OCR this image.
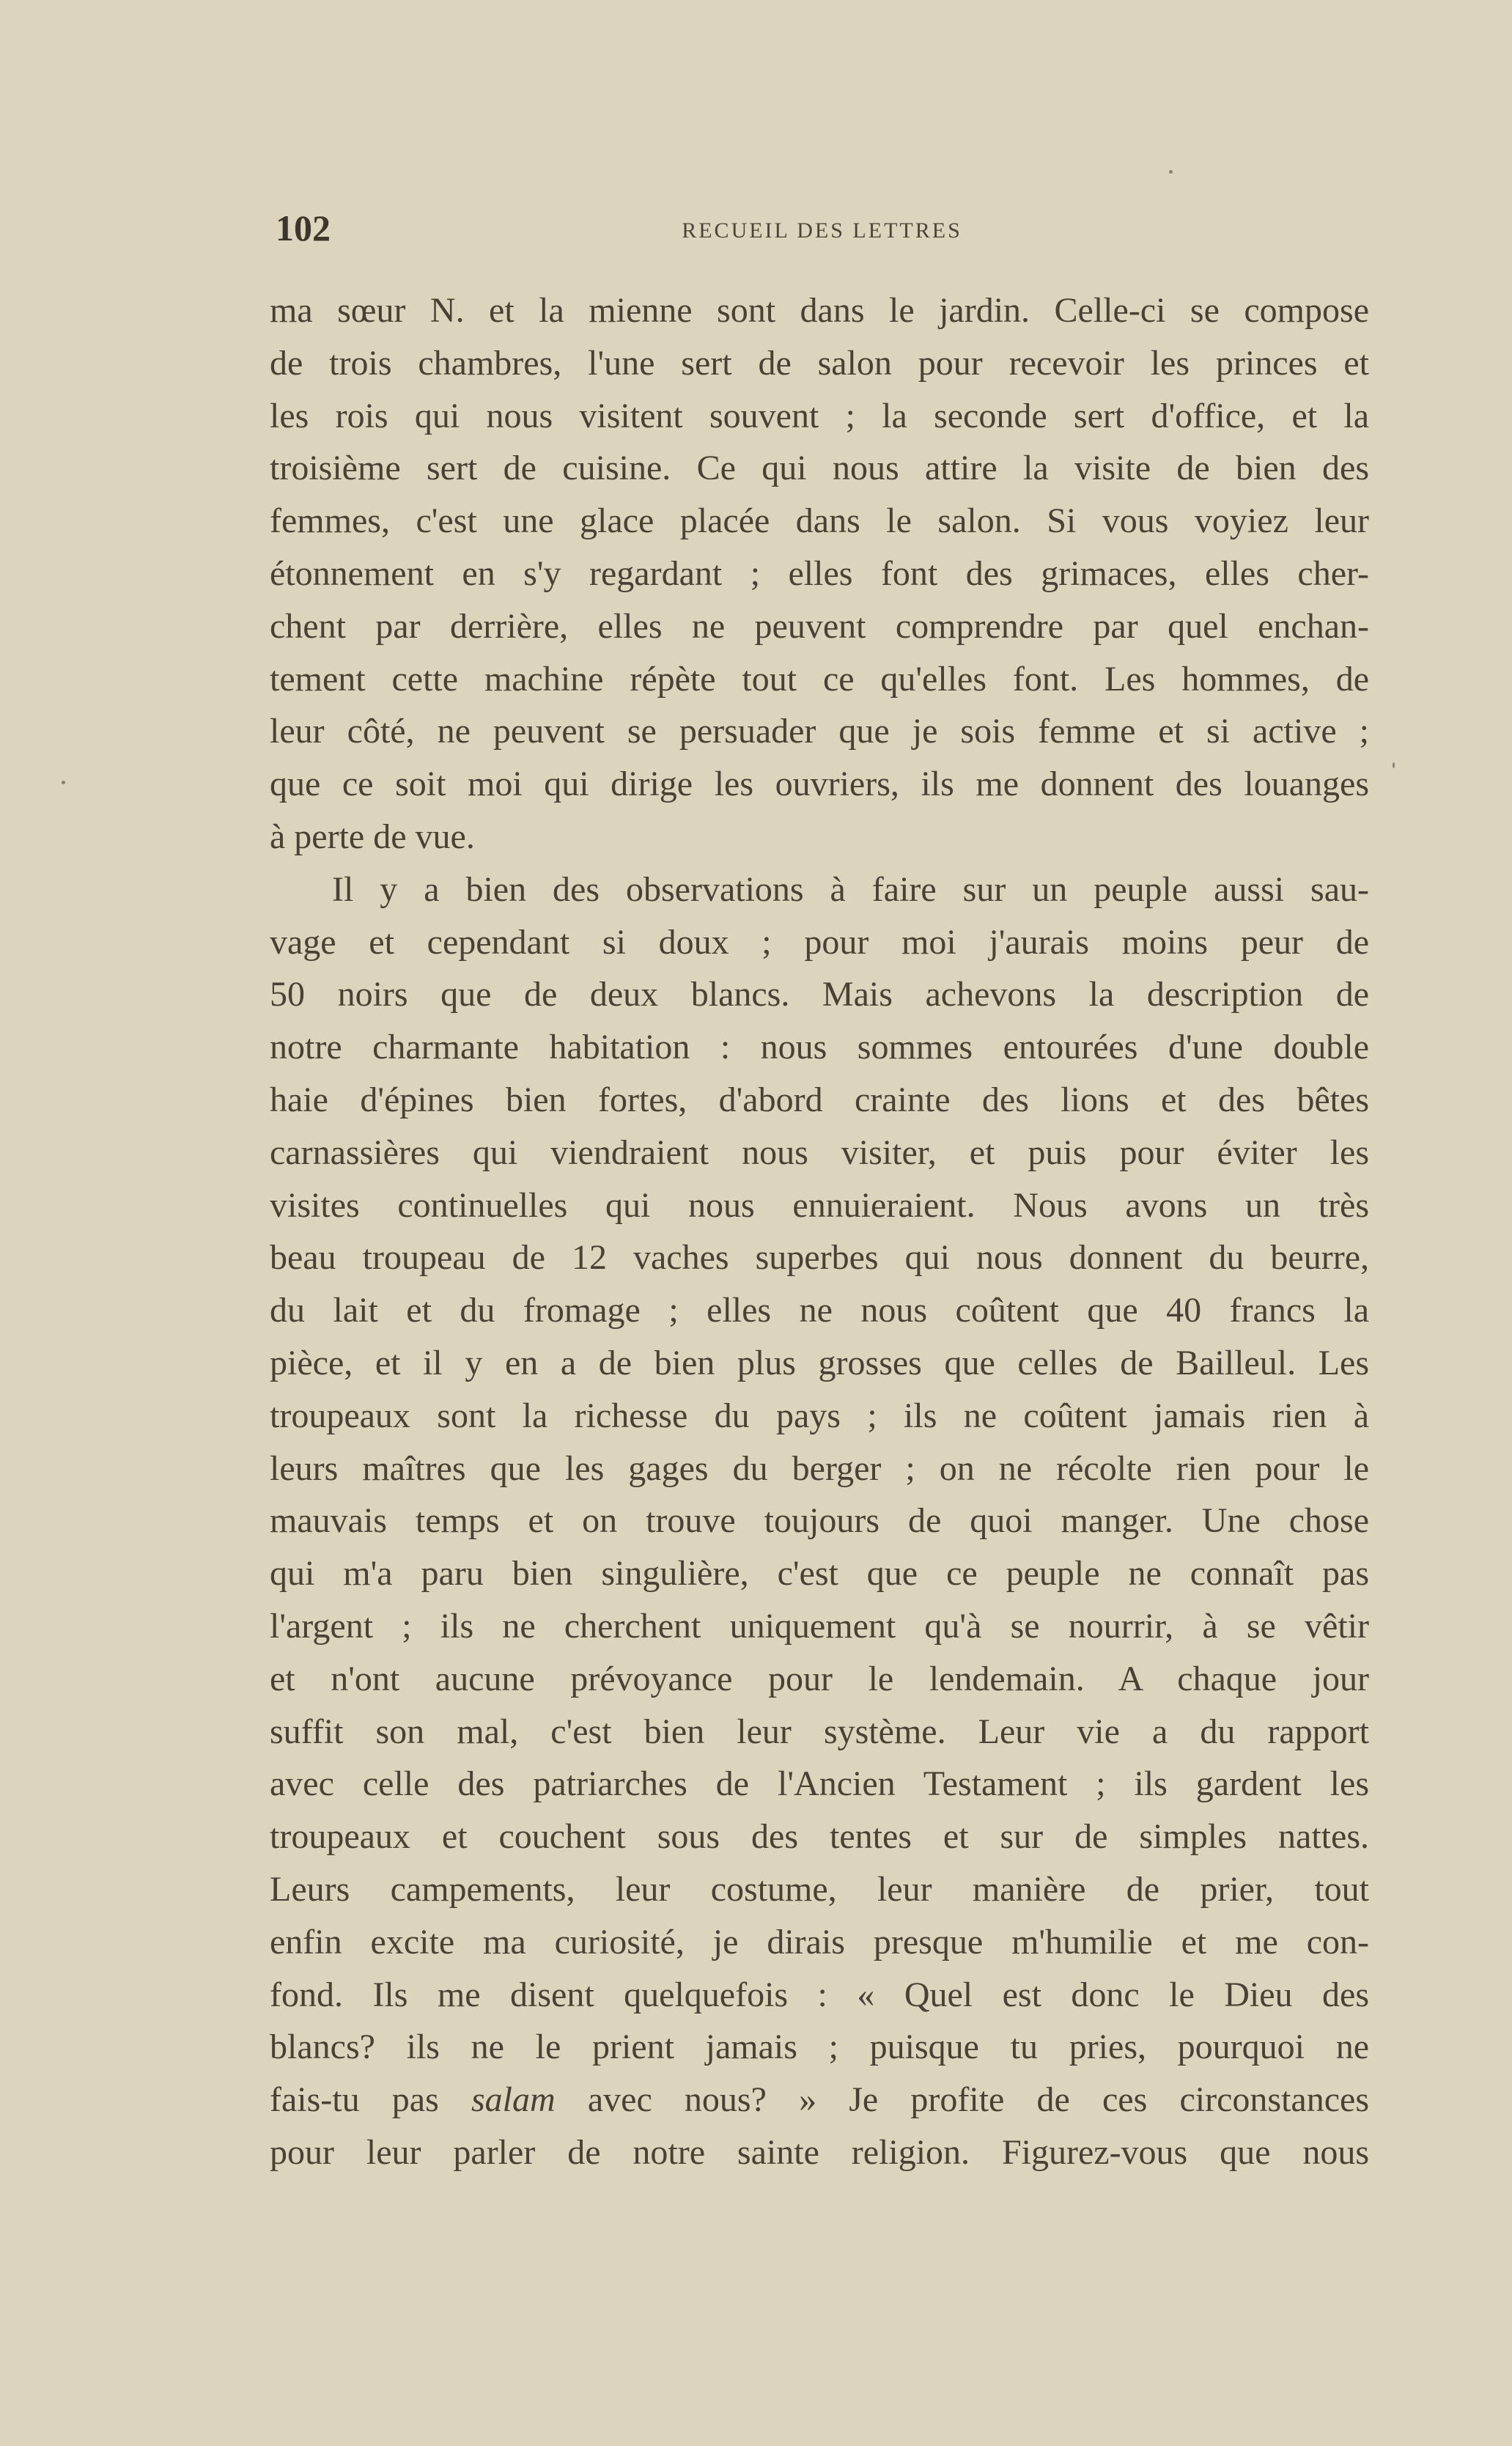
102	RECUEIL DES LETTRES
ma sœur N. et la mienne sont dans le jardin. Celle-ci se compose
de trois chambres, l'une sert de salon pour recevoir les princes et
les rois qui nous visitent souvent ; la seconde sert d'office, et la
troisième sert de cuisine. Ce qui nous attire la visite de bien des
femmes, c'est une glace placée dans le salon. Si vous voyiez leur
étonnement en s'y regardant ; elles font des grimaces, elles cher-
chent par derrière, elles ne peuvent comprendre par quel enchan-
tement cette machine répète tout ce qu'elles font. Les hommes, de
leur côté, ne peuvent se persuader que je sois femme et si active ;
que ce soit moi qui dirige les ouvriers, ils me donnent des louanges
à perte de vue.
Il y a bien des observations à faire sur un peuple aussi sau-
vage et cependant si doux ; pour moi j'aurais moins peur de
50 noirs que de deux blancs. Mais achevons la description de
notre charmante habitation : nous sommes entourées d'une double
haie d'épines bien fortes, d'abord crainte des lions et des bêtes
carnassières qui viendraient nous visiter, et puis pour éviter les
visites continuelles qui nous ennuieraient. Nous avons un très
beau troupeau de 12 vaches superbes qui nous donnent du beurre,
du lait et du fromage ; elles ne nous coûtent que 40 francs la
pièce, et il y en a de bien plus grosses que celles de Bailleul. Les
troupeaux sont la richesse du pays ; ils ne coûtent jamais rien à
leurs maîtres que les gages du berger ; on ne récolte rien pour le
mauvais temps et on trouve toujours de quoi manger. Une chose
qui m'a paru bien singulière, c'est que ce peuple ne connaît pas
l'argent ; ils ne cherchent uniquement qu'à se nourrir, à se vêtir
et n'ont aucune prévoyance pour le lendemain. A chaque jour
suffit son mal, c'est bien leur système. Leur vie a du rapport
avec celle des patriarches de l'Ancien Testament ; ils gardent les
troupeaux et couchent sous des tentes et sur de simples nattes.
Leurs campements, leur costume, leur manière de prier, tout
enfin excite ma curiosité, je dirais presque m'humilie et me con-
fond. Ils me disent quelquefois : « Quel est donc le Dieu des
blancs? ils ne le prient jamais ; puisque tu pries, pourquoi ne
fais-tu pas salam avec nous? » Je profite de ces circonstances
pour leur parler de notre sainte religion. Figurez-vous que nous
